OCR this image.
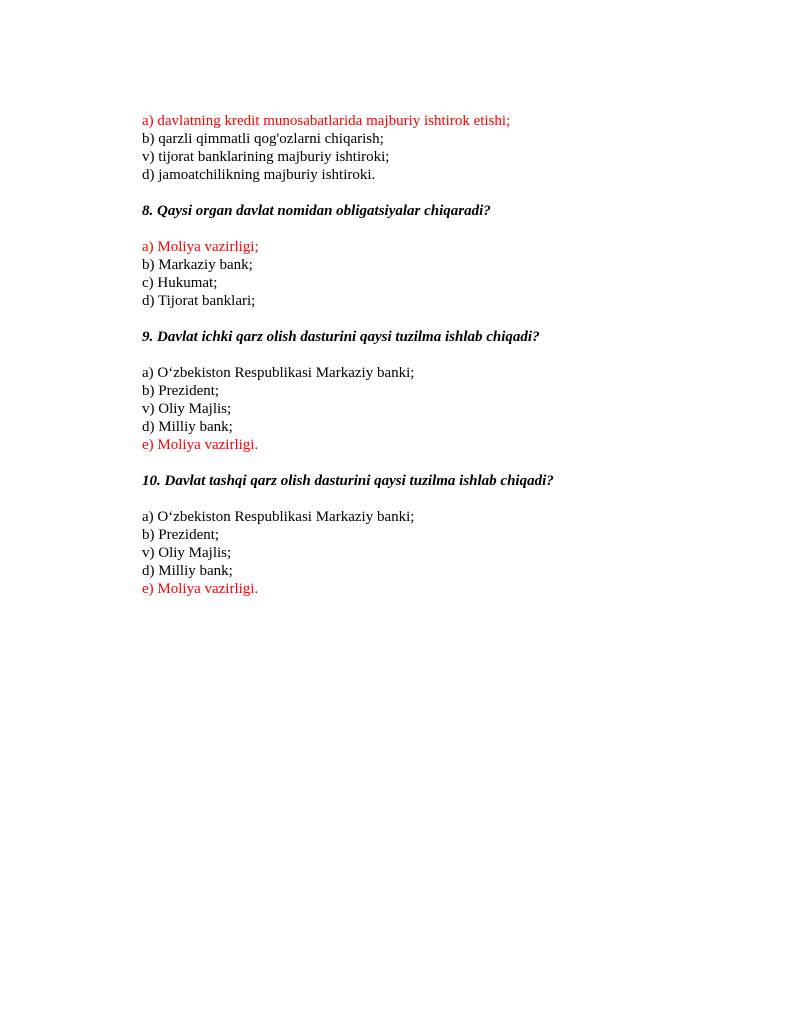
a) davlatning kredit munosabatlarida majburiy ishtirok etishi;
b) qarzli qimmatli qog'ozlarni chiqarish;
v) tijorat banklarining majburiy ishtiroki;
d) jamoatchilikning majburiy ishtiroki.
8. Qaysi organ davlat nomidan obligatsiyalar chiqaradi?
a) Moliya vazirligi;
b) Markaziy bank;
c) Hukumat;
d) Tijorat banklari;
9. Davlat ichki qarz olish dasturini qaysi tuzilma ishlab chiqadi?
a) O‘zbekiston Respublikasi Markaziy banki;
b) Prezident;
v) Oliy Majlis;
d) Milliy bank;
e) Moliya vazirligi.
10. Davlat tashqi qarz olish dasturini qaysi tuzilma ishlab chiqadi?
a) O‘zbekiston Respublikasi Markaziy banki;
b) Prezident;
v) Oliy Majlis;
d) Milliy bank;
e) Moliya vazirligi.
